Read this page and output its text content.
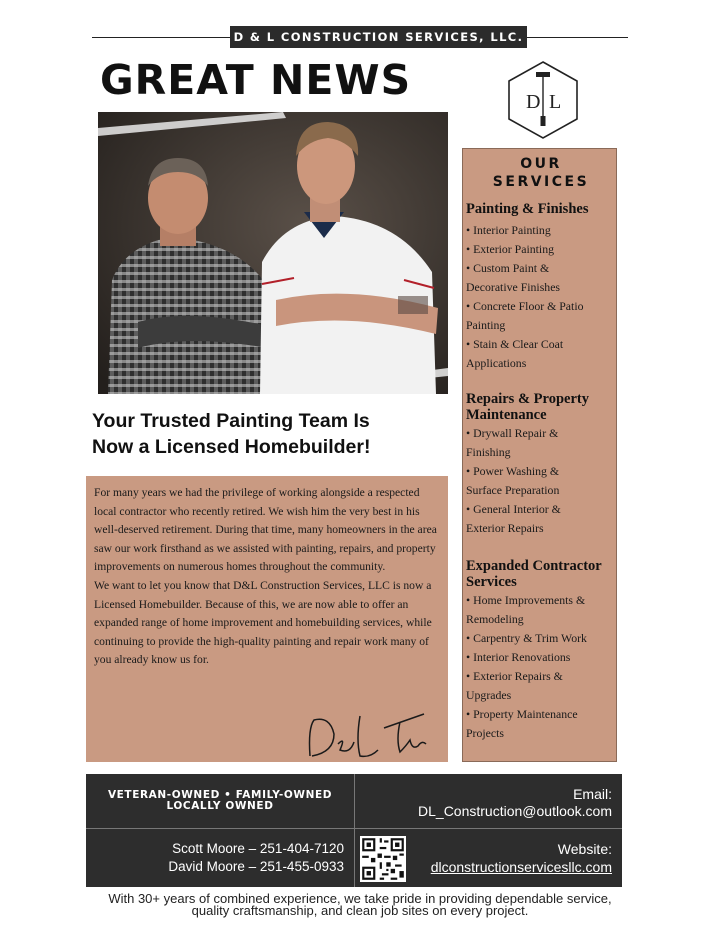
D & L CONSTRUCTION SERVICES, LLC.
GREAT NEWS	D L
Your Trusted Painting Team Is
Now a Licensed Homebuilder!

For many years we had the privilege of working alongside a respected local contractor who recently retired. We wish him the very best in his well-deserved retirement. During that time, many homeowners in the area saw our work firsthand as we assisted with painting, repairs, and property improvements on numerous homes throughout the community.

We want to let you know that D&L Construction Services, LLC is now a Licensed Homebuilder. Because of this, we are now able to offer an expanded range of home improvement and homebuilding services, while continuing to provide the high-quality painting and repair work many of you already know us for.

OUR
SERVICES
Painting & Finishes
• Interior Painting
• Exterior Painting
• Custom Paint &
Decorative Finishes
• Concrete Floor & Patio
Painting
• Stain & Clear Coat
Applications
Repairs & Property Maintenance
• Drywall Repair &
Finishing
• Power Washing &
Surface Preparation
• General Interior &
Exterior Repairs
Expanded Contractor Services
• Home Improvements &
Remodeling
• Carpentry & Trim Work
• Interior Renovations
• Exterior Repairs &
Upgrades
• Property Maintenance
Projects
VETERAN-OWNED • FAMILY-OWNED
LOCALLY OWNED
Email:
DL_Construction@outlook.com
Scott Moore – 251-404-7120
David Moore – 251-455-0933
Website:
dlconstructionservicesllc.com
With 30+ years of combined experience, we take pride in providing dependable service,
quality craftsmanship, and clean job sites on every project.
